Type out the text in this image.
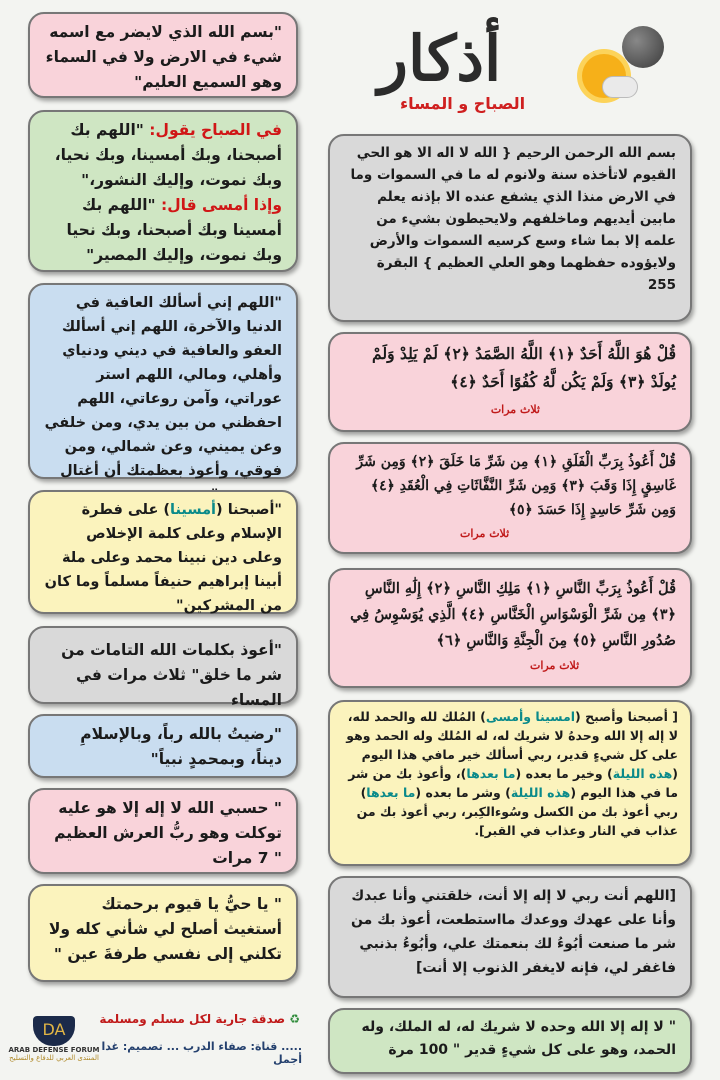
أذكار
الصباح و المساء

"بسم الله الذي لايضر مع اسمه شيء في الارض ولا في السماء وهو السميع العليم"

في الصباح يقول: "اللهم بك أصبحنا، وبك أمسينا، وبك نحيا، وبك نموت، وإليك النشور،"

وإذا أمسى قال: "اللهم بك أمسينا وبك أصبحنا، وبك نحيا وبك نموت، وإليك المصير"

"اللهم إني أسألك العافية في الدنيا والآخرة، اللهم إني أسألك العفو والعافية في ديني ودنياي وأهلي، ومالي، اللهم استر عوراتي، وآمن روعاتي، اللهم احفظني من بين يدي، ومن خلفي وعن يميني، وعن شمالي، ومن فوقي، وأعوذ بعظمتك أن أغتال

"أصبحنا (أمسينا) على فطرة الإسلام وعلى كلمة الإخلاص وعلى دين نبينا محمد وعلى ملة أبينا إبراهيم حنيفاً مسلماً وما كان من المشركين"

"أعوذ بكلمات الله التامات من شر ما خلق" ثلاث مرات في المساء

"رضيتُ بالله رباً، وبالإسلامِ ديناً، وبمحمدٍ نبياً"

" حسبي الله لا إله إلا هو عليه توكلت وهو ربُّ العرش العظيم " 7 مرات

" يا حيُّ يا قيوم برحمتك أستغيث أصلح لي شأني كله ولا تكلني إلى نفسي طرفةَ عين "

بسم الله الرحمن الرحيم { الله لا اله الا هو الحي القيوم لاتأخذه سنة ولانوم له ما في السموات وما في الارض منذا الذي يشفع عنده الا بإذنه يعلم مابين أيديهم وماخلفهم ولايحيطون بشيء من علمه إلا بما شاء وسع كرسيه السموات والأرض ولايؤوده حفظهما وهو العلي العظيم } البقرة 255

قُلْ هُوَ اللَّهُ أَحَدٌ ﴿١﴾ اللَّهُ الصَّمَدُ ﴿٢﴾ لَمْ يَلِدْ وَلَمْ يُولَدْ ﴿٣﴾ وَلَمْ يَكُن لَّهُ كُفُوًا أَحَدٌ ﴿٤﴾

ثلاث مرات

قُلْ أَعُوذُ بِرَبِّ الْفَلَقِ ﴿١﴾ مِن شَرِّ مَا خَلَقَ ﴿٢﴾ وَمِن شَرِّ غَاسِقٍ إِذَا وَقَبَ ﴿٣﴾ وَمِن شَرِّ النَّفَّاثَاتِ فِي الْعُقَدِ ﴿٤﴾ وَمِن شَرِّ حَاسِدٍ إِذَا حَسَدَ ﴿٥﴾

ثلاث مرات

قُلْ أَعُوذُ بِرَبِّ النَّاسِ ﴿١﴾ مَلِكِ النَّاسِ ﴿٢﴾ إِلَٰهِ النَّاسِ ﴿٣﴾ مِن شَرِّ الْوَسْوَاسِ الْخَنَّاسِ ﴿٤﴾ الَّذِي يُوَسْوِسُ فِي صُدُورِ النَّاسِ ﴿٥﴾ مِنَ الْجِنَّةِ وَالنَّاسِ ﴿٦﴾

ثلاث مرات

[ أصبحنا وأصبح (امسينا وأمسى) المُلك لله والحمد لله، لا إله إلا الله وحدهُ لا شريك له، له المُلك وله الحمد وهو على كل شيءٍ قدير، ربي أسألك خير مافي هذا اليوم (هذه الليلة) وخير ما بعده (ما بعدها)، وأعوذ بك من شر ما في هذا اليوم (هذه الليلة) وشر ما بعده (ما بعدها) ربي أعوذ بك من الكسل وسُوءالكِبر، ربي أعوذ بك من عذاب في النار وعذاب في القبر].

[اللهم أنت ربي لا إله إلا أنت، خلقتني وأنا عبدك وأنا على عهدك ووعدك مااستطعت، أعوذ بك من شر ما صنعت أبُوءُ لك بنعمتك علي، وأبُوءُ بذنبي فاغفر لي، فإنه لايغفر الذنوب إلا أنت]

" لا إله إلا الله وحده لا شريك له، له الملك، وله الحمد، وهو على كل شيءٍ قدير " 100 مرة

♻ صدقة جارية لكل مسلم ومسلمة
..... قناة: صفاء الدرب ... تصميم: غدا أجمل
DA
ARAB DEFENSE FORUM
المنتدى العربي للدفاع والتسليح
